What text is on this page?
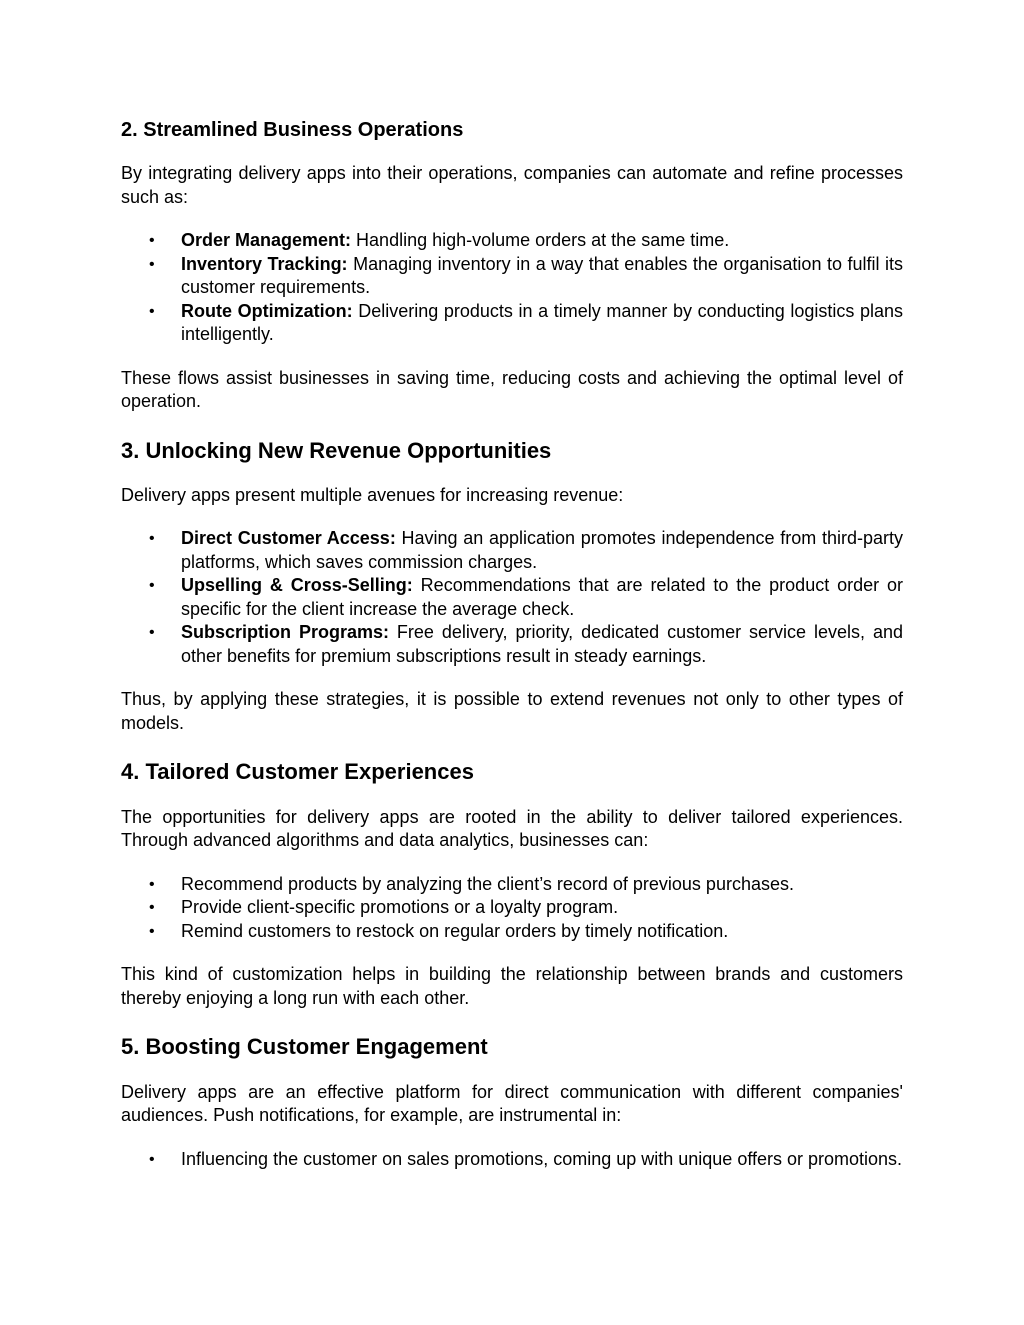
2. Streamlined Business Operations

By integrating delivery apps into their operations, companies can automate and refine processes such as:

• Order Management: Handling high-volume orders at the same time.
• Inventory Tracking: Managing inventory in a way that enables the organisation to fulfil its customer requirements.
• Route Optimization: Delivering products in a timely manner by conducting logistics plans intelligently.

These flows assist businesses in saving time, reducing costs and achieving the optimal level of operation.

3. Unlocking New Revenue Opportunities

Delivery apps present multiple avenues for increasing revenue:

• Direct Customer Access: Having an application promotes independence from third-party platforms, which saves commission charges.
• Upselling & Cross-Selling: Recommendations that are related to the product order or specific for the client increase the average check.
• Subscription Programs: Free delivery, priority, dedicated customer service levels, and other benefits for premium subscriptions result in steady earnings.

Thus, by applying these strategies, it is possible to extend revenues not only to other types of models.

4. Tailored Customer Experiences

The opportunities for delivery apps are rooted in the ability to deliver tailored experiences. Through advanced algorithms and data analytics, businesses can:

• Recommend products by analyzing the client’s record of previous purchases.
• Provide client-specific promotions or a loyalty program.
• Remind customers to restock on regular orders by timely notification.

This kind of customization helps in building the relationship between brands and customers thereby enjoying a long run with each other.

5. Boosting Customer Engagement

Delivery apps are an effective platform for direct communication with different companies' audiences. Push notifications, for example, are instrumental in:

• Influencing the customer on sales promotions, coming up with unique offers or promotions.
